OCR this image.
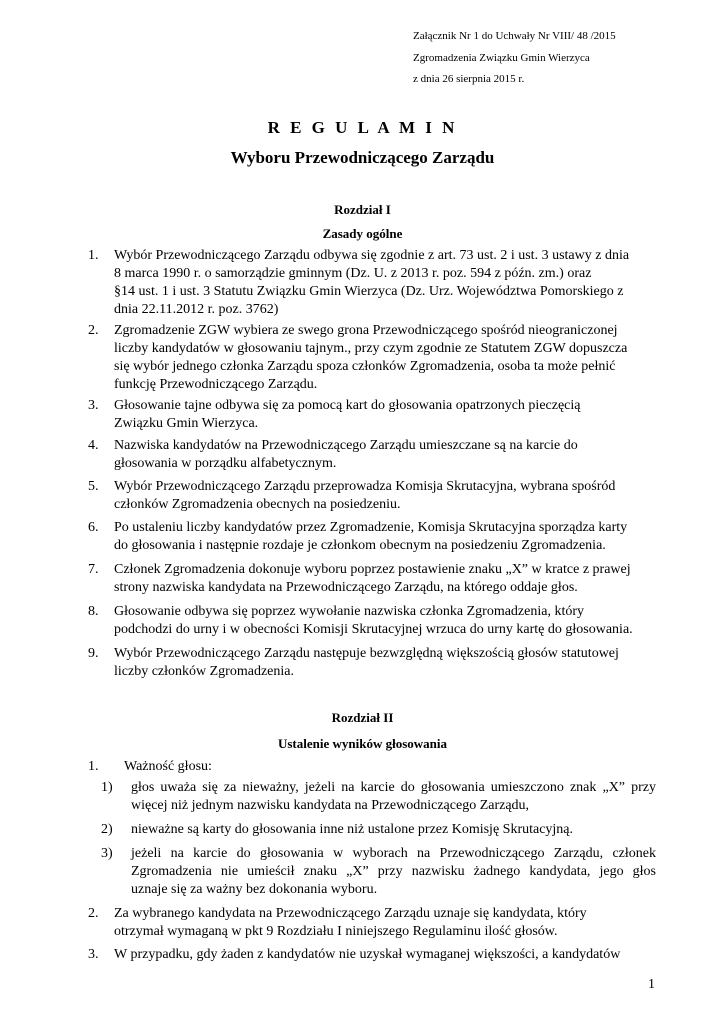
Załącznik Nr 1 do Uchwały Nr VIII/ 48 /2015
Zgromadzenia Związku Gmin Wierzyca
z dnia 26 sierpnia 2015 r.
R E G U L A M I N
Wyboru Przewodniczącego Zarządu
Rozdział I
Zasady ogólne
1. Wybór Przewodniczącego Zarządu odbywa się zgodnie z art. 73 ust. 2 i ust. 3 ustawy z dnia
8 marca 1990 r. o samorządzie gminnym (Dz. U. z 2013 r. poz. 594 z późn. zm.) oraz
§14 ust. 1 i ust. 3 Statutu Związku Gmin Wierzyca (Dz. Urz. Województwa Pomorskiego z
dnia 22.11.2012 r. poz. 3762)
2. Zgromadzenie ZGW wybiera ze swego grona Przewodniczącego spośród nieograniczonej
liczby kandydatów w głosowaniu tajnym., przy czym zgodnie ze Statutem ZGW dopuszcza
się wybór jednego członka Zarządu spoza członków Zgromadzenia, osoba ta może pełnić
funkcję Przewodniczącego Zarządu.
3. Głosowanie tajne odbywa się za pomocą kart do głosowania opatrzonych pieczęcią
Związku Gmin Wierzyca.
4. Nazwiska kandydatów na Przewodniczącego Zarządu umieszczane są na karcie do
głosowania w porządku alfabetycznym.
5. Wybór Przewodniczącego Zarządu przeprowadza Komisja Skrutacyjna, wybrana spośród
członków Zgromadzenia obecnych na posiedzeniu.
6. Po ustaleniu liczby kandydatów przez Zgromadzenie, Komisja Skrutacyjna sporządza karty
do głosowania i następnie rozdaje je członkom obecnym na posiedzeniu Zgromadzenia.
7. Członek Zgromadzenia dokonuje wyboru poprzez postawienie znaku „X” w kratce z prawej
strony nazwiska kandydata na Przewodniczącego Zarządu, na którego oddaje głos.
8. Głosowanie odbywa się poprzez wywołanie nazwiska członka Zgromadzenia, który
podchodzi do urny i w obecności Komisji Skrutacyjnej wrzuca do urny kartę do głosowania.
9. Wybór Przewodniczącego Zarządu następuje bezwzględną większością głosów statutowej
liczby członków Zgromadzenia.
Rozdział II
Ustalenie wyników głosowania
1. Ważność głosu:
1) głos uważa się za nieważny, jeżeli na karcie do głosowania umieszczono znak „X” przy
więcej niż jednym nazwisku kandydata na Przewodniczącego Zarządu,
2) nieważne są karty do głosowania inne niż ustalone przez Komisję Skrutacyjną.
3) jeżeli na karcie do głosowania w wyborach na Przewodniczącego Zarządu, członek
Zgromadzenia nie umieścił znaku „X” przy nazwisku żadnego kandydata, jego głos
uznaje się za ważny bez dokonania wyboru.
2. Za wybranego kandydata na Przewodniczącego Zarządu uznaje się kandydata, który
otrzymał wymaganą w pkt 9 Rozdziału I niniejszego Regulaminu ilość głosów.
3. W przypadku, gdy żaden z kandydatów nie uzyskał wymaganej większości, a kandydatów
1
